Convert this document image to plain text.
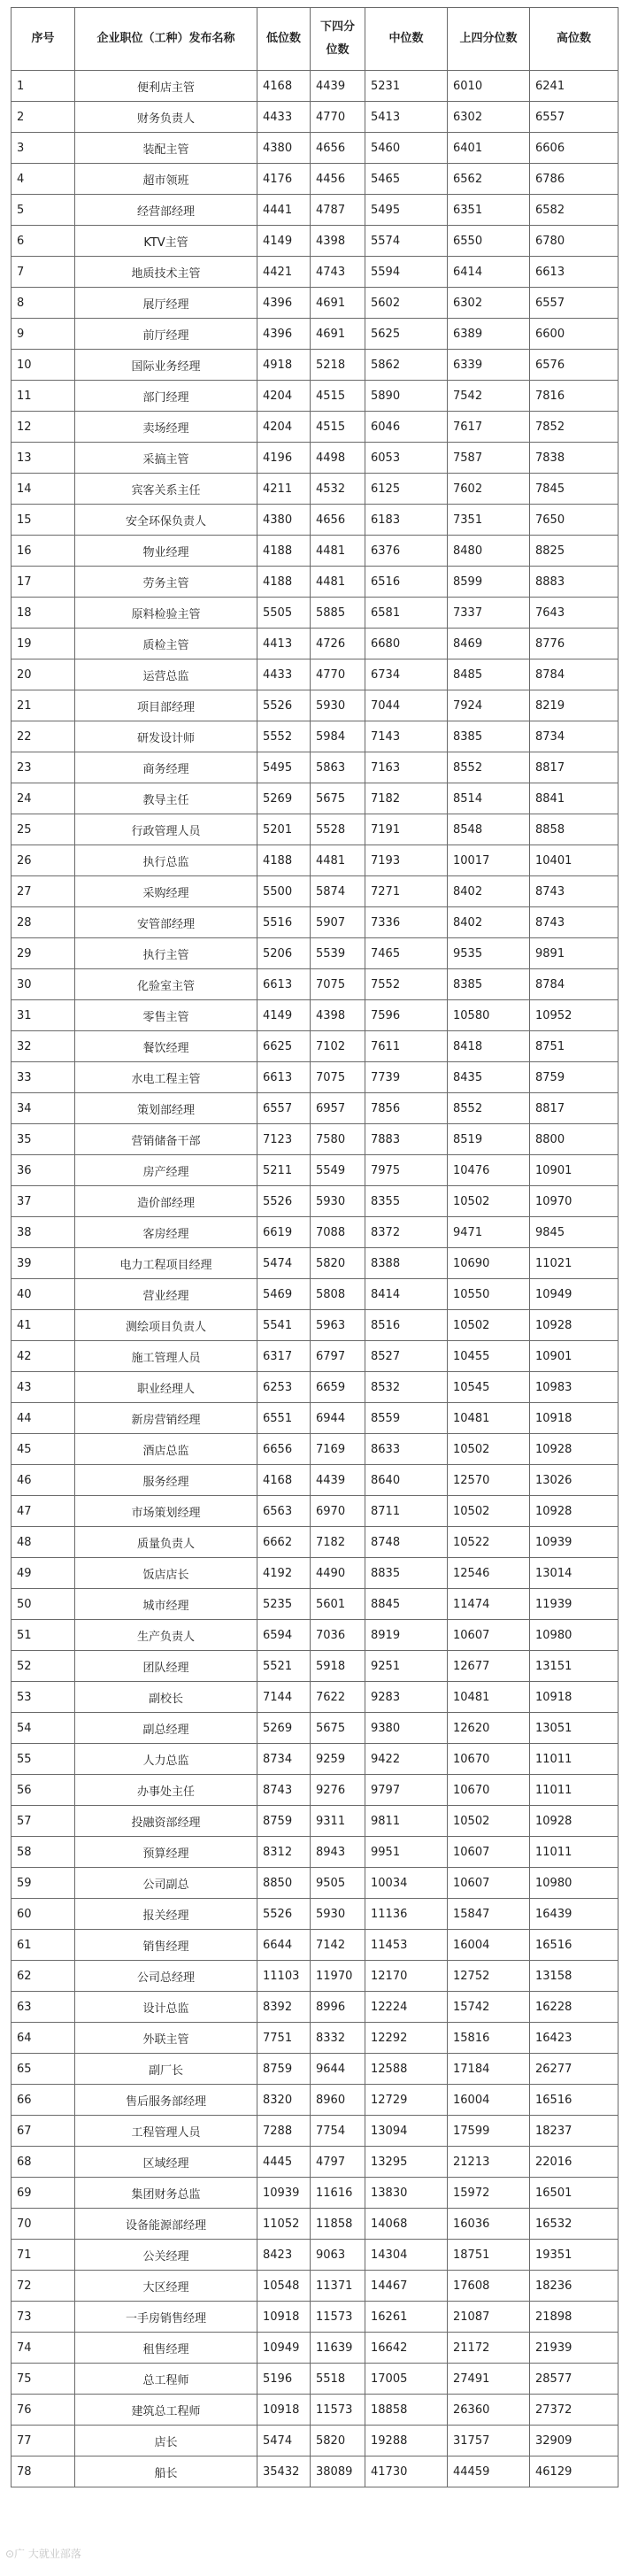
序号	企业职位（工种）发布名称	低位数	下四分位数	中位数	上四分位数	高位数
1	便利店主管	4168	4439	5231	6010	6241
2	财务负责人	4433	4770	5413	6302	6557
3	装配主管	4380	4656	5460	6401	6606
4	超市领班	4176	4456	5465	6562	6786
5	经营部经理	4441	4787	5495	6351	6582
6	KTV主管	4149	4398	5574	6550	6780
7	地质技术主管	4421	4743	5594	6414	6613
8	展厅经理	4396	4691	5602	6302	6557
9	前厅经理	4396	4691	5625	6389	6600
10	国际业务经理	4918	5218	5862	6339	6576
11	部门经理	4204	4515	5890	7542	7816
12	卖场经理	4204	4515	6046	7617	7852
13	采搞主管	4196	4498	6053	7587	7838
14	宾客关系主任	4211	4532	6125	7602	7845
15	安全环保负责人	4380	4656	6183	7351	7650
16	物业经理	4188	4481	6376	8480	8825
17	劳务主管	4188	4481	6516	8599	8883
18	原料检验主管	5505	5885	6581	7337	7643
19	质检主管	4413	4726	6680	8469	8776
20	运营总监	4433	4770	6734	8485	8784
21	项目部经理	5526	5930	7044	7924	8219
22	研发设计师	5552	5984	7143	8385	8734
23	商务经理	5495	5863	7163	8552	8817
24	教导主任	5269	5675	7182	8514	8841
25	行政管理人员	5201	5528	7191	8548	8858
26	执行总监	4188	4481	7193	10017	10401
27	采购经理	5500	5874	7271	8402	8743
28	安管部经理	5516	5907	7336	8402	8743
29	执行主管	5206	5539	7465	9535	9891
30	化验室主管	6613	7075	7552	8385	8784
31	零售主管	4149	4398	7596	10580	10952
32	餐饮经理	6625	7102	7611	8418	8751
33	水电工程主管	6613	7075	7739	8435	8759
34	策划部经理	6557	6957	7856	8552	8817
35	营销储备干部	7123	7580	7883	8519	8800
36	房产经理	5211	5549	7975	10476	10901
37	造价部经理	5526	5930	8355	10502	10970
38	客房经理	6619	7088	8372	9471	9845
39	电力工程项目经理	5474	5820	8388	10690	11021
40	营业经理	5469	5808	8414	10550	10949
41	测绘项目负责人	5541	5963	8516	10502	10928
42	施工管理人员	6317	6797	8527	10455	10901
43	职业经理人	6253	6659	8532	10545	10983
44	新房营销经理	6551	6944	8559	10481	10918
45	酒店总监	6656	7169	8633	10502	10928
46	服务经理	4168	4439	8640	12570	13026
47	市场策划经理	6563	6970	8711	10502	10928
48	质量负责人	6662	7182	8748	10522	10939
49	饭店店长	4192	4490	8835	12546	13014
50	城市经理	5235	5601	8845	11474	11939
51	生产负责人	6594	7036	8919	10607	10980
52	团队经理	5521	5918	9251	12677	13151
53	副校长	7144	7622	9283	10481	10918
54	副总经理	5269	5675	9380	12620	13051
55	人力总监	8734	9259	9422	10670	11011
56	办事处主任	8743	9276	9797	10670	11011
57	投融资部经理	8759	9311	9811	10502	10928
58	预算经理	8312	8943	9951	10607	11011
59	公司副总	8850	9505	10034	10607	10980
60	报关经理	5526	5930	11136	15847	16439
61	销售经理	6644	7142	11453	16004	16516
62	公司总经理	11103	11970	12170	12752	13158
63	设计总监	8392	8996	12224	15742	16228
64	外联主管	7751	8332	12292	15816	16423
65	副厂长	8759	9644	12588	17184	26277
66	售后服务部经理	8320	8960	12729	16004	16516
67	工程管理人员	7288	7754	13094	17599	18237
68	区域经理	4445	4797	13295	21213	22016
69	集团财务总监	10939	11616	13830	15972	16501
70	设备能源部经理	11052	11858	14068	16036	16532
71	公关经理	8423	9063	14304	18751	19351
72	大区经理	10548	11371	14467	17608	18236
73	一手房销售经理	10918	11573	16261	21087	21898
74	租售经理	10949	11639	16642	21172	21939
75	总工程师	5196	5518	17005	27491	28577
76	建筑总工程师	10918	11573	18858	26360	27372
77	店长	5474	5820	19288	31757	32909
78	船长	35432	38089	41730	44459	46129
⊙广 大就业部落
